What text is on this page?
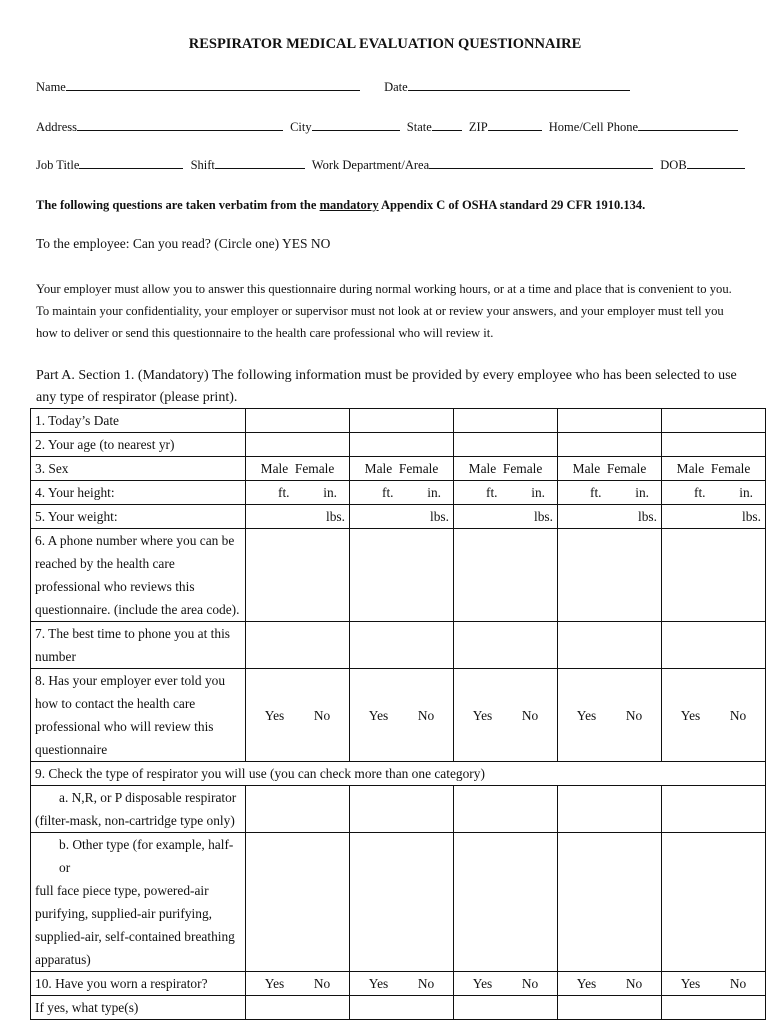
RESPIRATOR MEDICAL EVALUATION QUESTIONNAIRE
Name	Date
Address	City	State	ZIP	Home/Cell Phone
Job Title	Shift	Work Department/Area	DOB
The following questions are taken verbatim from the mandatory Appendix C of OSHA standard 29 CFR 1910.134.
To the employee: Can you read? (Circle one) YES NO
Your employer must allow you to answer this questionnaire during normal working hours, or at a time and place that is convenient to you. To maintain your confidentiality, your employer or supervisor must not look at or review your answers, and your employer must tell you how to deliver or send this questionnaire to the health care professional who will review it.
Part A. Section 1. (Mandatory) The following information must be provided by every employee who has been selected to use any type of respirator (please print).
1. Today’s Date					
2. Your age (to nearest yr)					
3. Sex	Male Female	Male Female	Male Female	Male Female	Male Female
4. Your height:	ft. in.	ft. in.	ft. in.	ft. in.	ft. in.

5. Your weight:	lbs.	lbs.	lbs.	lbs.	lbs.
6. A phone number where you can be reached by the health care professional who reviews this questionnaire. (include the area code).					
7. The best time to phone you at this number					
8. Has your employer ever told you how to contact the health care professional who will review this questionnaire	Yes No	Yes No	Yes No	Yes No	Yes No

9. Check the type of respirator you will use (you can check more than one category)					

a. N,R, or P disposable respirator
(filter-mask, non-cartridge type only)					

b. Other type (for example, half-or
full face piece type, powered-air purifying, supplied-air purifying, supplied-air, self-contained breathing apparatus)					
10. Have you worn a respirator?	Yes No	Yes No	Yes No	Yes No	Yes No

If yes, what type(s)					
